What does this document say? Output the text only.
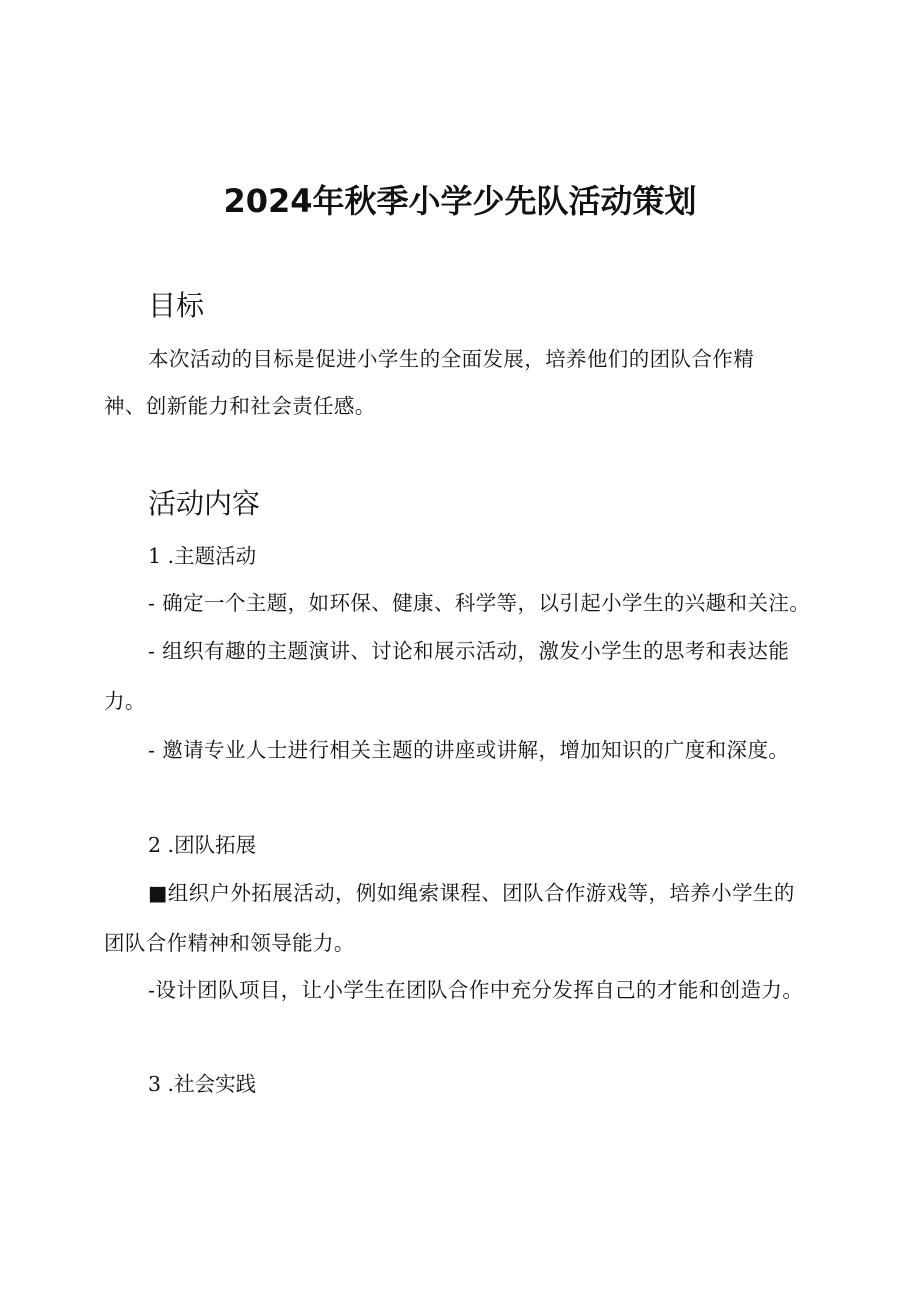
2024年秋季小学少先队活动策划
目标
本次活动的目标是促进小学生的全面发展，培养他们的团队合作精
神、创新能力和社会责任感。
活动内容
1 .主题活动
- 确定一个主题，如环保、健康、科学等，以引起小学生的兴趣和关注。
- 组织有趣的主题演讲、讨论和展示活动，激发小学生的思考和表达能
力。
- 邀请专业人士进行相关主题的讲座或讲解，增加知识的广度和深度。
2 .团队拓展
■组织户外拓展活动，例如绳索课程、团队合作游戏等，培养小学生的
团队合作精神和领导能力。
-设计团队项目，让小学生在团队合作中充分发挥自己的才能和创造力。
3 .社会实践
